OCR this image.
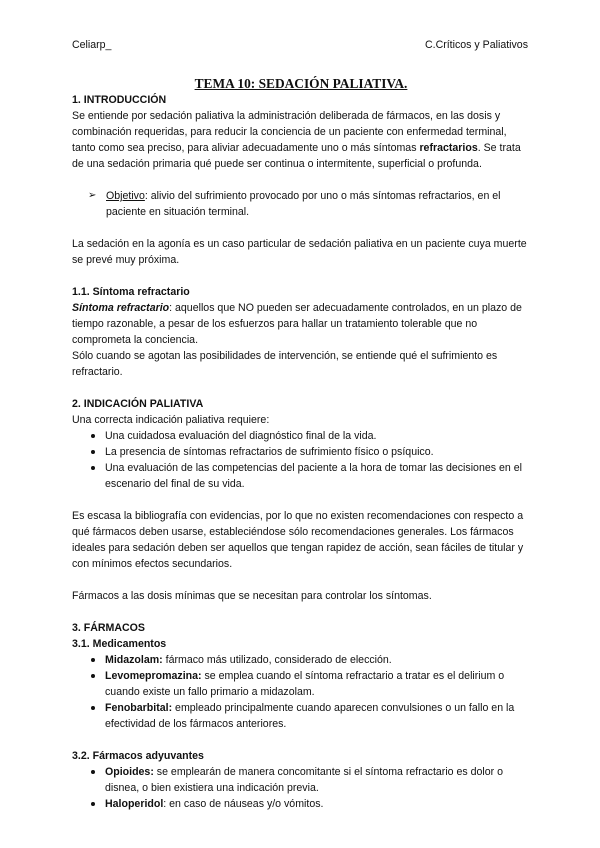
Celiarp_	C.Críticos y Paliativos
TEMA 10: SEDACIÓN PALIATIVA.
1. INTRODUCCIÓN

Se entiende por sedación paliativa la administración deliberada de fármacos, en las dosis y combinación requeridas, para reducir la conciencia de un paciente con enfermedad terminal, tanto como sea preciso, para aliviar adecuadamente uno o más síntomas refractarios. Se trata de una sedación primaria qué puede ser continua o intermitente, superficial o profunda.

➢ Objetivo: alivio del sufrimiento provocado por uno o más síntomas refractarios, en el paciente en situación terminal.

La sedación en la agonía es un caso particular de sedación paliativa en un paciente cuya muerte se prevé muy próxima.

1.1. Síntoma refractario

Síntoma refractario: aquellos que NO pueden ser adecuadamente controlados, en un plazo de tiempo razonable, a pesar de los esfuerzos para hallar un tratamiento tolerable que no comprometa la conciencia.

Sólo cuando se agotan las posibilidades de intervención, se entiende qué el sufrimiento es refractario.

2. INDICACIÓN PALIATIVA

Una correcta indicación paliativa requiere:

Una cuidadosa evaluación del diagnóstico final de la vida.
La presencia de síntomas refractarios de sufrimiento físico o psíquico.
Una evaluación de las competencias del paciente a la hora de tomar las decisiones en el escenario del final de su vida.

Es escasa la bibliografía con evidencias, por lo que no existen recomendaciones con respecto a qué fármacos deben usarse, estableciéndose sólo recomendaciones generales. Los fármacos ideales para sedación deben ser aquellos que tengan rapidez de acción, sean fáciles de titular y con mínimos efectos secundarios.

Fármacos a las dosis mínimas que se necesitan para controlar los síntomas.

3. FÁRMACOS
3.1. Medicamentos
Midazolam: fármaco más utilizado, considerado de elección.
Levomepromazina: se emplea cuando el síntoma refractario a tratar es el delirium o cuando existe un fallo primario a midazolam.
Fenobarbital: empleado principalmente cuando aparecen convulsiones o un fallo en la efectividad de los fármacos anteriores.
3.2. Fármacos adyuvantes
Opioides: se emplearán de manera concomitante si el síntoma refractario es dolor o disnea, o bien existiera una indicación previa.
Haloperidol: en caso de náuseas y/o vómitos.
